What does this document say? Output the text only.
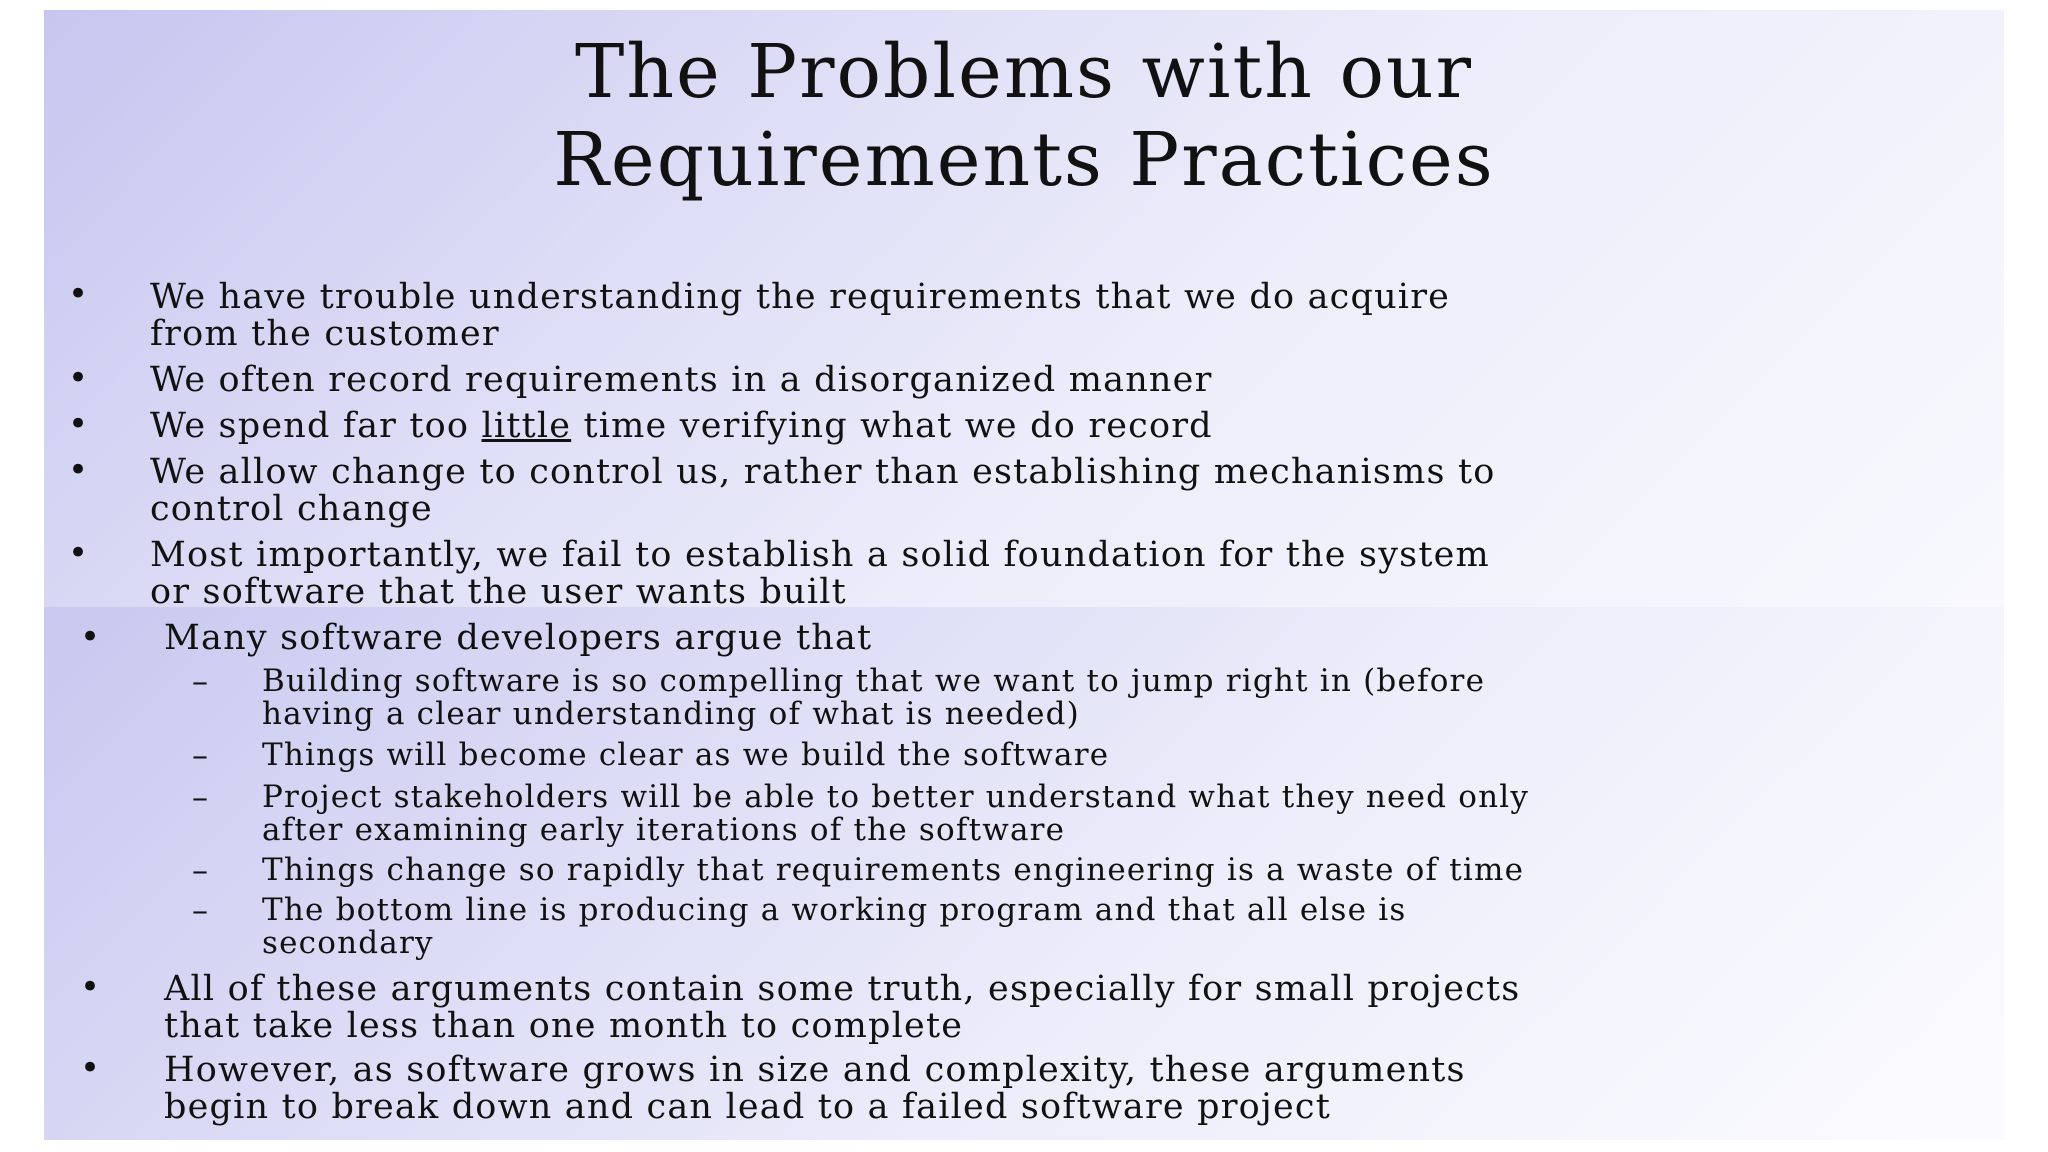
The Problems with our
Requirements Practices
• We have trouble understanding the requirements that we do acquire
from the customer
• We often record requirements in a disorganized manner
• We spend far too little time verifying what we do record
• We allow change to control us, rather than establishing mechanisms to
control change
• Most importantly, we fail to establish a solid foundation for the system
or software that the user wants built
• Many software developers argue that
– Building software is so compelling that we want to jump right in (before
having a clear understanding of what is needed)
– Things will become clear as we build the software
– Project stakeholders will be able to better understand what they need only
after examining early iterations of the software
– Things change so rapidly that requirements engineering is a waste of time
– The bottom line is producing a working program and that all else is
secondary
• All of these arguments contain some truth, especially for small projects
that take less than one month to complete
• However, as software grows in size and complexity, these arguments
begin to break down and can lead to a failed software project
